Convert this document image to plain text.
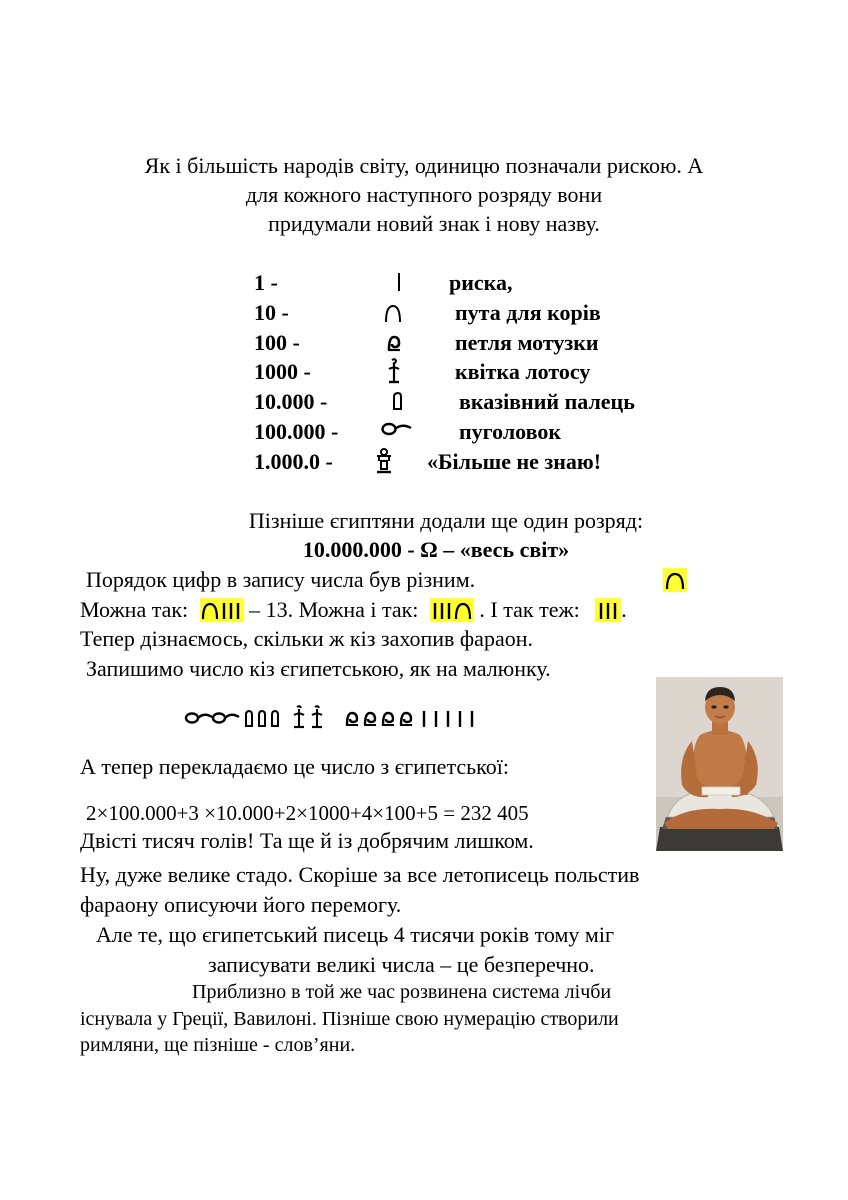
Як і більшість народів світу, одиницю позначали рискою. А
для кожного наступного розряду вони
придумали новий знак і нову назву.
1 -	риска,
10 -	пута для корів
100 -	петля мотузки
1000 -	квітка лотосу
10.000 -	вказівний палець
100.000 -	пуголовок
1.000.0 -	«Більше не знаю!
Пізніше єгиптяни додали ще один розряд:
10.000.000 - Ω – «весь світ»
Порядок цифр в запису числа був різним.
Можна так:	– 13. Можна і так:	. І так теж: .
Тепер дізнаємось, скільки ж кіз захопив фараон.
Запишимо число кіз єгипетською, як на малюнку.
А тепер перекладаємо це число з єгипетської:
2×100.000+3 ×10.000+2×1000+4×100+5 = 232 405
Двісті тисяч голів! Та ще й із добрячим лишком.
Ну, дуже велике стадо. Скоріше за все летописець польстив
фараону описуючи його перемогу.
Але те, що єгипетський писець 4 тисячи років тому міг
записувати великі числа – це безперечно.
Приблизно в той же час розвинена система лічби
існувала у Греції, Вавилоні. Пізніше свою нумерацію створили
римляни, ще пізніше - слов’яни.
